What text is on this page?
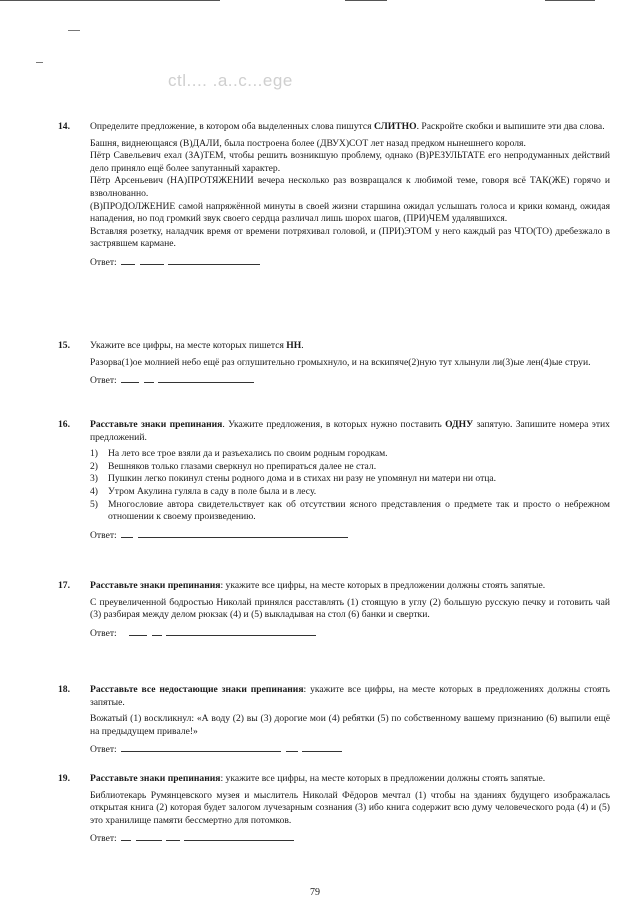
ctl.... .a..c...ege
14. Определите предложение, в котором оба выделенных слова пишутся СЛИТНО. Раскройте скобки и выпишите эти два слова.

Башня, виднеющаяся (В)ДАЛИ, была построена более (ДВУХ)СОТ лет назад предком нынешнего короля.

Пётр Савельевич ехал (ЗА)ТЕМ, чтобы решить возникшую проблему, однако (В)РЕЗУЛЬТАТЕ его непродуманных действий дело приняло ещё более запутанный характер.

Пётр Арсеньевич (НА)ПРОТЯЖЕНИИ вечера несколько раз возвращался к любимой теме, говоря всё ТАК(ЖЕ) горячо и взволнованно.

(В)ПРОДОЛЖЕНИЕ самой напряжённой минуты в своей жизни старшина ожидал услышать голоса и крики команд, ожидая нападения, но под громкий звук своего сердца различал лишь шорох шагов, (ПРИ)ЧЕМ удалявшихся.

Вставляя розетку, наладчик время от времени потряхивал головой, и (ПРИ)ЭТОМ у него каждый раз ЧТО(ТО) дребезжало в застрявшем кармане.

Ответ:
15. Укажите все цифры, на месте которых пишется НН.

Разорва(1)ое молнией небо ещё раз оглушительно громыхнуло, и на вскипяче(2)ную тут хлынули ли(3)ые лен(4)ые струи.

Ответ:
16. Расставьте знаки препинания. Укажите предложения, в которых нужно поставить ОДНУ запятую. Запишите номера этих предложений.

1) На лето все трое взяли да и разъехались по своим родным городкам.
2) Вешняков только глазами сверкнул но препираться далее не стал.
3) Пушкин легко покинул стены родного дома и в стихах ни разу не упомянул ни матери ни отца.
4) Утром Акулина гуляла в саду в поле была и в лесу.
5) Многословие автора свидетельствует как об отсутствии ясного представления о предмете так и просто о небрежном отношении к своему произведению.
Ответ:
17. Расставьте знаки препинания: укажите все цифры, на месте которых в предложении должны стоять запятые.

С преувеличенной бодростью Николай принялся расставлять (1) стоящую в углу (2) большую русскую печку и готовить чай (3) разбирая между делом рюкзак (4) и (5) выкладывая на стол (6) банки и свертки.

Ответ:
18. Расставьте все недостающие знаки препинания: укажите все цифры, на месте которых в предложениях должны стоять запятые.

Вожатый (1) воскликнул: «А воду (2) вы (3) дорогие мои (4) ребятки (5) по собственному вашему признанию (6) выпили ещё на предыдущем привале!»

Ответ:
19. Расставьте знаки препинания: укажите все цифры, на месте которых в предложении должны стоять запятые.

Библиотекарь Румянцевского музея и мыслитель Николай Фёдоров мечтал (1) чтобы на зданиях будущего изображалась открытая книга (2) которая будет залогом лучезарным сознания (3) ибо книга содержит всю думу человеческого рода (4) и (5) это хранилище памяти бессмертно для потомков.

Ответ:
79
